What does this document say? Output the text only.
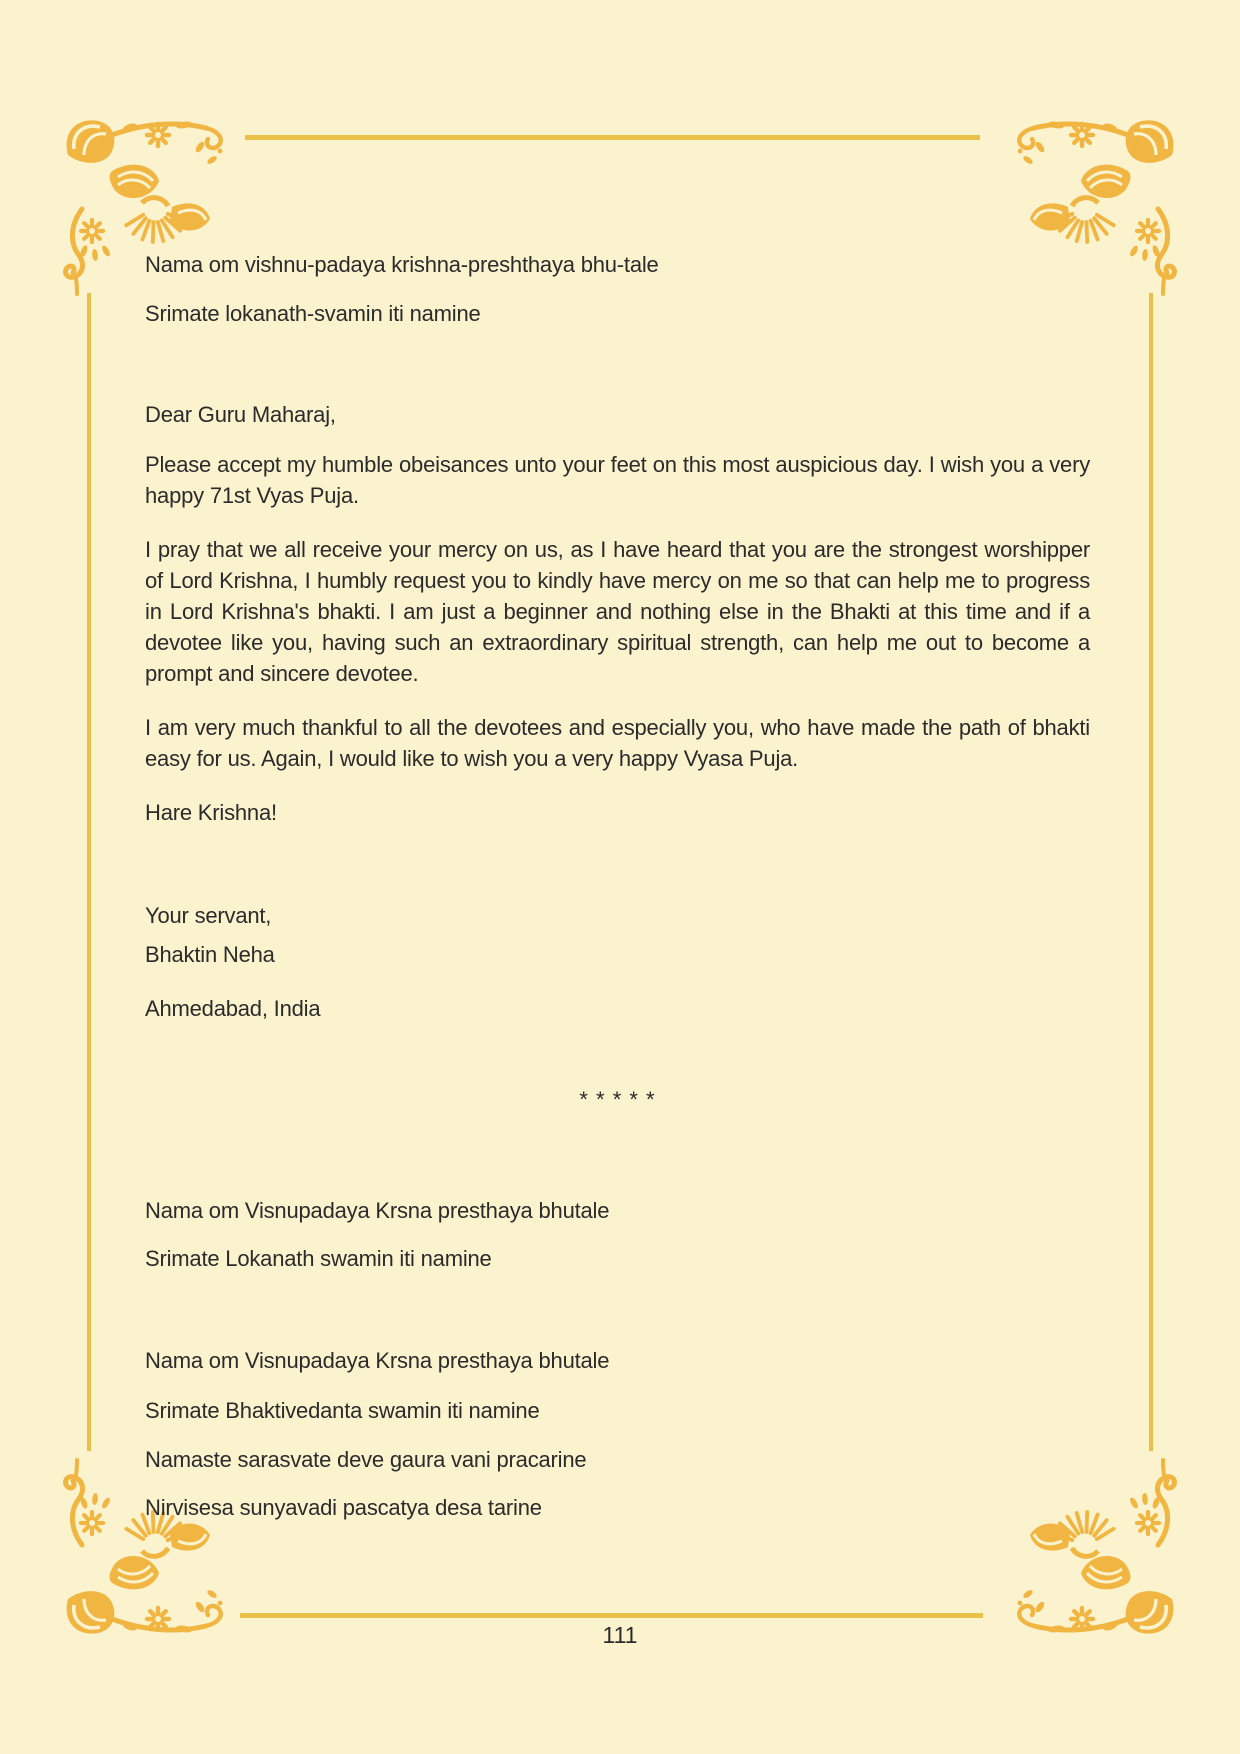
Nama om vishnu-padaya krishna-preshthaya bhu-tale
Srimate lokanath-svamin iti namine
Dear Guru Maharaj,
Please accept my humble obeisances unto your feet on this most auspicious day. I wish you a very happy 71st Vyas Puja.
I pray that we all receive your mercy on us, as I have heard that you are the strongest worshipper of Lord Krishna, I humbly request you to kindly have mercy on me so that can help me to progress in Lord Krishna's bhakti. I am just a beginner and nothing else in the Bhakti at this time and if a devotee like you, having such an extraordinary spiritual strength, can help me out to become a prompt and sincere devotee.
I am very much thankful to all the devotees and especially you, who have made the path of bhakti easy for us. Again, I would like to wish you a very happy Vyasa Puja.
Hare Krishna!
Your servant,
Bhaktin Neha
Ahmedabad, India
* * * * *
Nama om Visnupadaya Krsna presthaya bhutale
Srimate Lokanath swamin iti namine
Nama om Visnupadaya Krsna presthaya bhutale
Srimate Bhaktivedanta swamin iti namine
Namaste sarasvate deve gaura vani pracarine
Nirvisesa sunyavadi pascatya desa tarine
111
